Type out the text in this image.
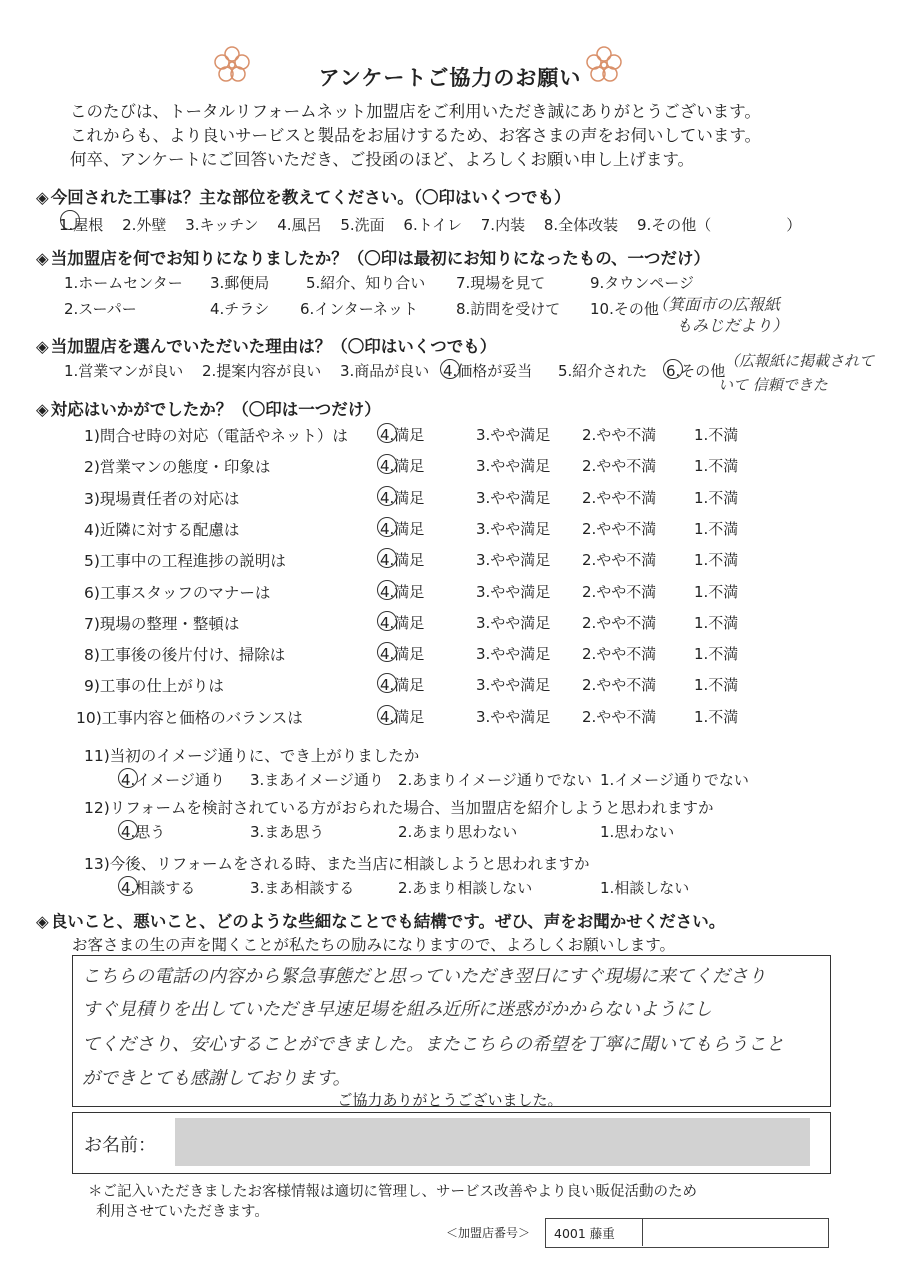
アンケートご協力のお願い
このたびは、トータルリフォームネット加盟店をご利用いただき誠にありがとうございます。
これからも、より良いサービスと製品をお届けするため、お客さまの声をお伺いしています。
何卒、アンケートにご回答いただき、ご投函のほど、よろしくお願い申し上げます。
◈ 今回された工事は？主な部位を教えてください。（〇印はいくつでも）
1.屋根 2.外壁 3.キッチン 4.風呂 5.洗面 6.トイレ 7.内装 8.全体改装 9.その他（　　　　　）
◈ 当加盟店を何でお知りになりましたか？（〇印は最初にお知りになったもの、一つだけ）
1.ホームセンター 3.郵便局 5.紹介、知り合い 7.現場を見て	9.タウンページ
2.スーパー	4.チラシ 6.インターネット	8.訪問を受けて 10.その他
（箕面市の広報紙
もみじだより）
◈ 当加盟店を選んでいただいた理由は？（〇印はいくつでも）
1.営業マンが良い 2.提案内容が良い 3.商品が良い 4.価格が妥当 5.紹介された 6.その他
（広報紙に掲載されて
いて 信頼できた
◈ 対応はいかがでしたか？（〇印は一つだけ）
1)問合せ時の対応（電話やネット）は 4.満足	3.やや満足 2.やや不満	1.不満
2)営業マンの態度・印象は	4.満足	3.やや満足 2.やや不満	1.不満
3)現場責任者の対応は	4.満足	3.やや満足 2.やや不満	1.不満
4)近隣に対する配慮は	4.満足	3.やや満足 2.やや不満	1.不満
5)工事中の工程進捗の説明は	4.満足	3.やや満足 2.やや不満	1.不満
6)工事スタッフのマナーは	4.満足	3.やや満足 2.やや不満	1.不満
7)現場の整理・整頓は	4.満足	3.やや満足 2.やや不満	1.不満
8)工事後の後片付け、掃除は	4.満足	3.やや満足 2.やや不満	1.不満
9)工事の仕上がりは	4.満足	3.やや満足 2.やや不満	1.不満
10)工事内容と価格のバランスは	4.満足	3.やや満足 2.やや不満	1.不満
11)当初のイメージ通りに、でき上がりましたか
4.イメージ通り 3.まあイメージ通り 2.あまりイメージ通りでない 1.イメージ通りでない
12)リフォームを検討されている方がおられた場合、当加盟店を紹介しようと思われますか
4.思う	3.まあ思う	2.あまり思わない	1.思わない
13)今後、リフォームをされる時、また当店に相談しようと思われますか
4.相談する	3.まあ相談する	2.あまり相談しない	1.相談しない
◈ 良いこと、悪いこと、どのような些細なことでも結構です。ぜひ、声をお聞かせください。
お客さまの生の声を聞くことが私たちの励みになりますので、よろしくお願いします。
こちらの電話の内容から緊急事態だと思っていただき翌日にすぐ現場に来てくださり
すぐ見積りを出していただき早速足場を組み近所に迷惑がかからないようにし
てくださり、安心することができました。またこちらの希望を丁寧に聞いてもらうこと
ができとても感謝しております。
ご協力ありがとうございました。
お名前：
＊ご記入いただきましたお客様情報は適切に管理し、サービス改善やより良い販促活動のため
利用させていただきます。
＜加盟店番号＞ 4001 藤重
